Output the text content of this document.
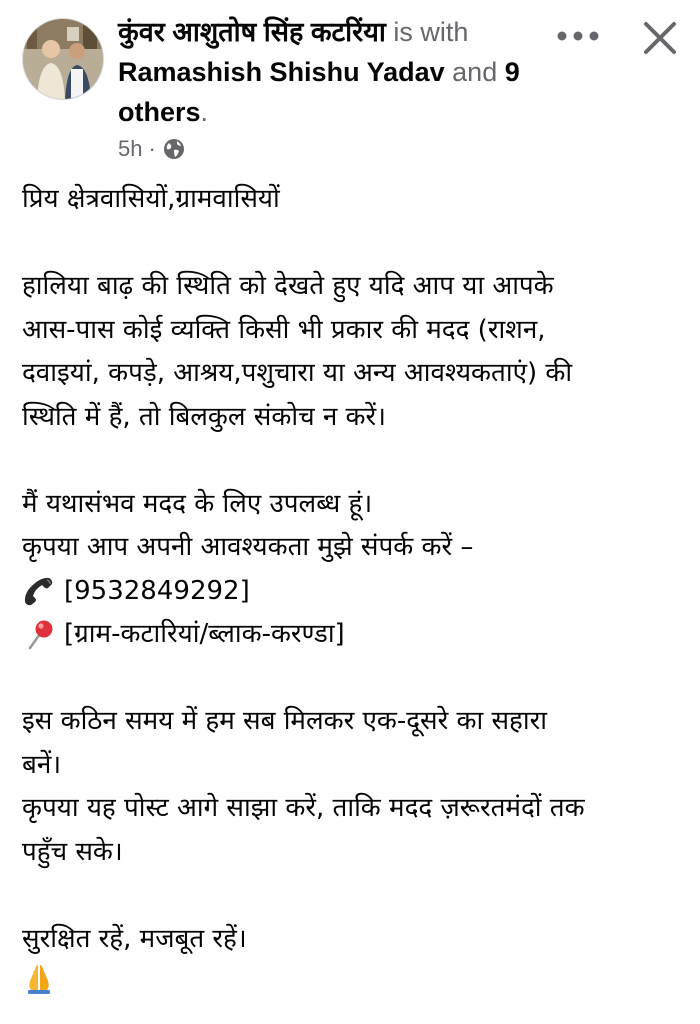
कुंवर आशुतोष सिंह कटरिंया is with Ramashish Shishu Yadav and 9 others.
5h ·

प्रिय क्षेत्रवासियों,ग्रामवासियों

हालिया बाढ़ की स्थिति को देखते हुए यदि आप या आपके

आस-पास कोई व्यक्ति किसी भी प्रकार की मदद (राशन,

दवाइयां, कपड़े, आश्रय,पशुचारा या अन्य आवश्यकताएं) की

स्थिति में हैं, तो बिलकुल संकोच न करें।

मैं यथासंभव मदद के लिए उपलब्ध हूं।

कृपया आप अपनी आवश्यकता मुझे संपर्क करें –

[9532849292]
[ग्राम-कटारियां/ब्लाक-करण्डा]

इस कठिन समय में हम सब मिलकर एक-दूसरे का सहारा

बनें।

कृपया यह पोस्ट आगे साझा करें, ताकि मदद ज़रूरतमंदों तक

पहुँच सके।

सुरक्षित रहें, मजबूत रहें।
